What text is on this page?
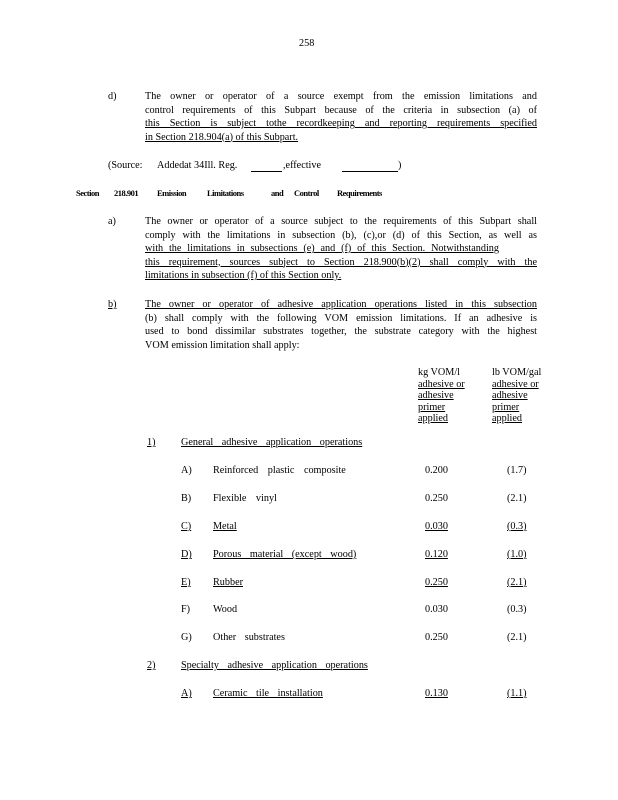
258
d)	The owner or operator of a source exempt from the emission limitations and
control requirements of this Subpart because of the criteria in subsection (a) of
this Section is subject tothe recordkeeping and reporting requirements specified
in Section 218.904(a) of this Subpart.
(Source: Addedat 34Ill. Reg.	,effective	)
Section 218.901 Emission Limitations	and Control Requirements
a)	The owner or operator of a source subject to the requirements of this Subpart shall
comply with the limitations in subsection (b), (c),or (d) of this Section, as well as
with the limitations in subsections (e) and (f) of this Section. Notwithstanding
this requirement, sources subject to Section 218.900(b)(2) shall comply with the
limitations in subsection (f) of this Section only.
b)	The owner or operator of adhesive application operations listed in this subsection
(b) shall comply with the following VOM emission limitations. If an adhesive is
used to bond dissimilar substrates together, the substrate category with the highest
VOM emission limitation shall apply:
kg VOM/l
adhesive or
adhesive
primer
applied
lb VOM/gal
adhesive or
adhesive
primer
applied
1)	General adhesive application operations
A) Reinforced plastic composite	0.200	(1.7)
B) Flexible vinyl	0.250	(2.1)
C) Metal	0.030	(0.3)
D) Porous material (except wood)	0.120	(1.0)
E) Rubber	0.250	(2.1)
F) Wood	0.030	(0.3)
G) Other substrates	0.250	(2.1)
2)	Specialty adhesive application operations
A) Ceramic tile installation	0.130	(1.1)
